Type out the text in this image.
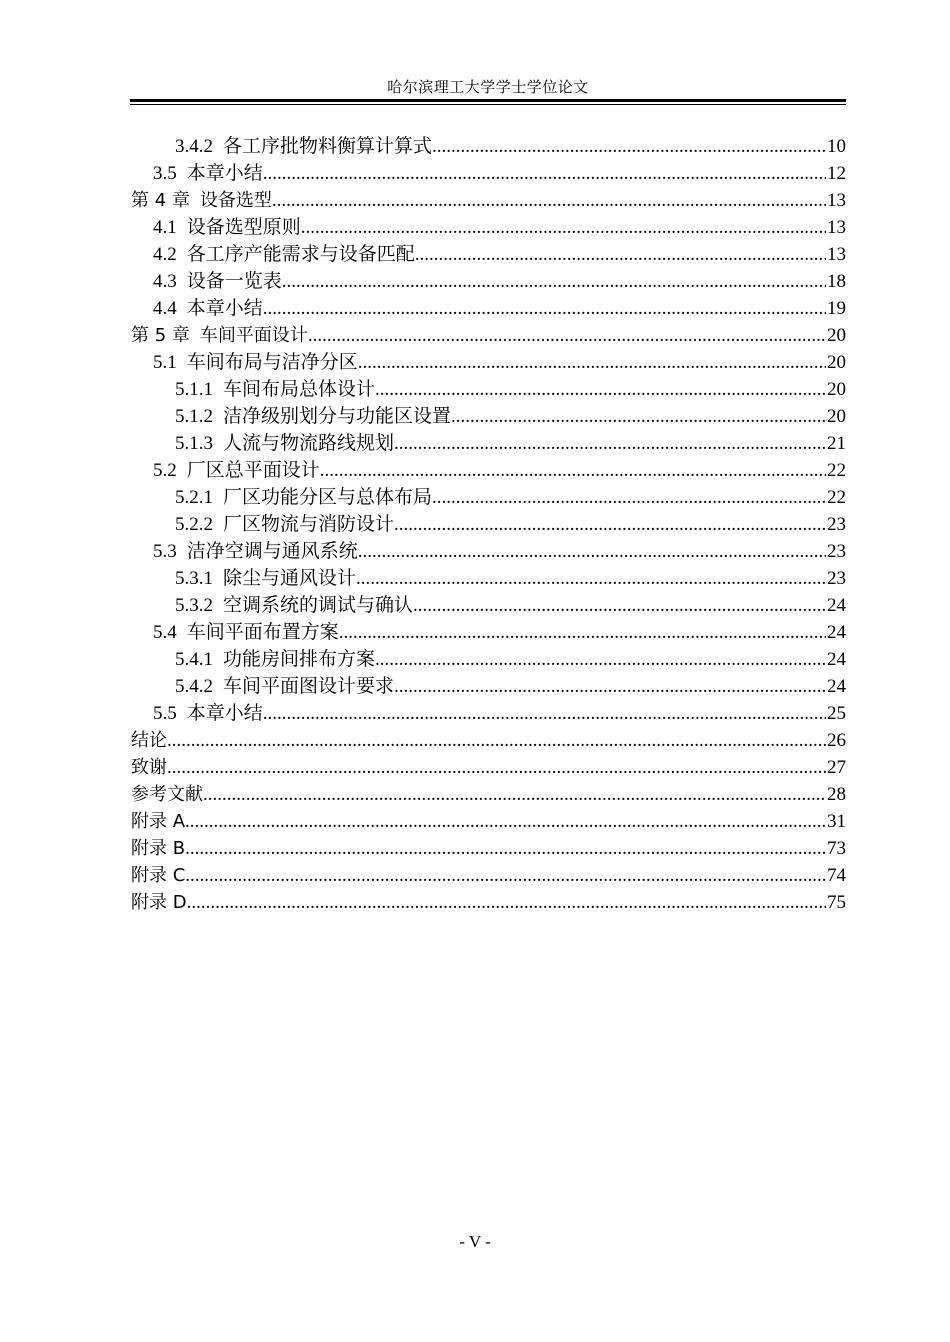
哈尔滨理工大学学士学位论文
3.4.2 各工序批物料衡算计算式 .....	10
3.5 本章小结 .....	12
第 4 章 设备选型 .....	13
4.1 设备选型原则 .....	13
4.2 各工序产能需求与设备匹配 .....	13
4.3 设备一览表 .....	18
4.4 本章小结 .....	19
第 5 章 车间平面设计 .....	20
5.1 车间布局与洁净分区 .....	20
5.1.1 车间布局总体设计 .....	20
5.1.2 洁净级别划分与功能区设置 .....	20
5.1.3 人流与物流路线规划 .....	21
5.2 厂区总平面设计 .....	22
5.2.1 厂区功能分区与总体布局 .....	22
5.2.2 厂区物流与消防设计 .....	23
5.3 洁净空调与通风系统 .....	23
5.3.1 除尘与通风设计 .....	23
5.3.2 空调系统的调试与确认 .....	24
5.4 车间平面布置方案 .....	24
5.4.1 功能房间排布方案 .....	24
5.4.2 车间平面图设计要求 .....	24
5.5 本章小结 .....	25
结论 .....	26
致谢 .....	27
参考文献 .....	28
附录 A .....	31
附录 B .....	73
附录 C .....	74
附录 D .....	75
- V -
